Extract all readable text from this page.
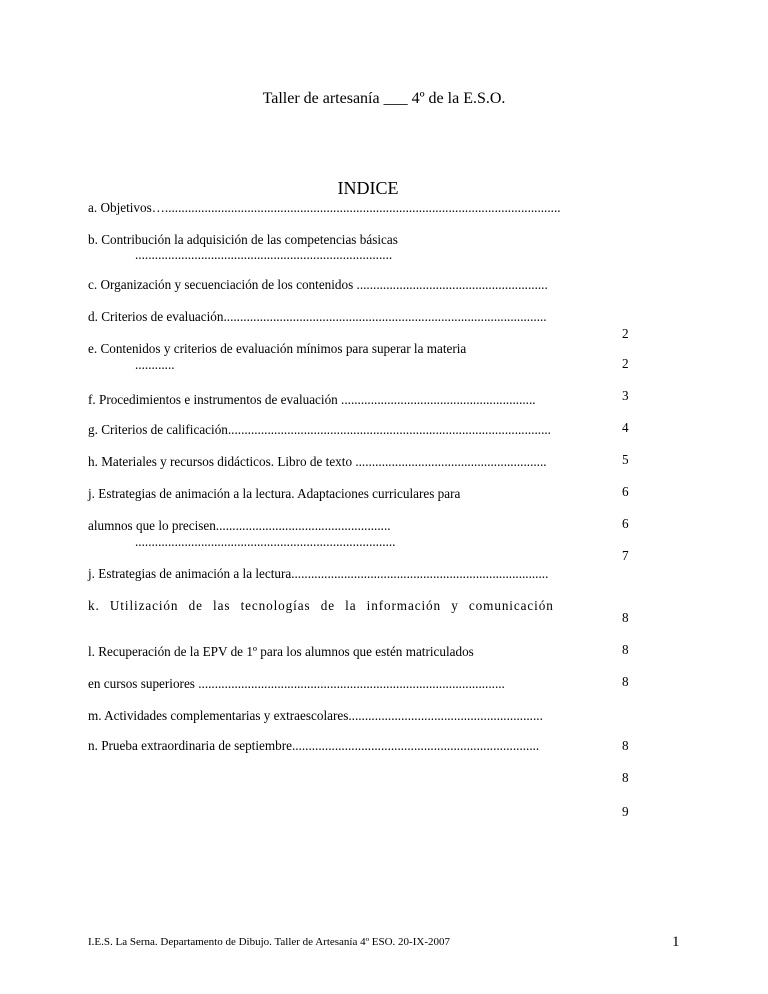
Taller de artesanía ___ 4º de la E.S.O.
INDICE
a. Objetivos…........................................................................................................................
b. Contribución la adquisición de las competencias básicas
..............................................................................
c. Organización y secuenciación de los contenidos ..........................................................
d. Criterios de evaluación..................................................................................................
e. Contenidos y criterios de evaluación mínimos para superar la materia
............
f. Procedimientos e instrumentos de evaluación ...........................................................
g. Criterios de calificación..................................................................................................
h. Materiales y recursos didácticos. Libro de texto ..........................................................
j. Estrategias de animación a la lectura. Adaptaciones curriculares para
alumnos que lo precisen.....................................................
...............................................................................
j. Estrategias de animación a la lectura..............................................................................
k. Utilización de las tecnologías de la información y comunicación
l. Recuperación de la EPV de 1º para los alumnos que estén matriculados
en cursos superiores .............................................................................................
m. Actividades complementarias y extraescolares...........................................................
n. Prueba extraordinaria de septiembre...........................................................................
2
2
3
4
5
6
6
7
8
8
8
8
8
9
I.E.S. La Serna. Departamento de Dibujo. Taller de Artesanía 4º ESO. 20-IX-2007	1
